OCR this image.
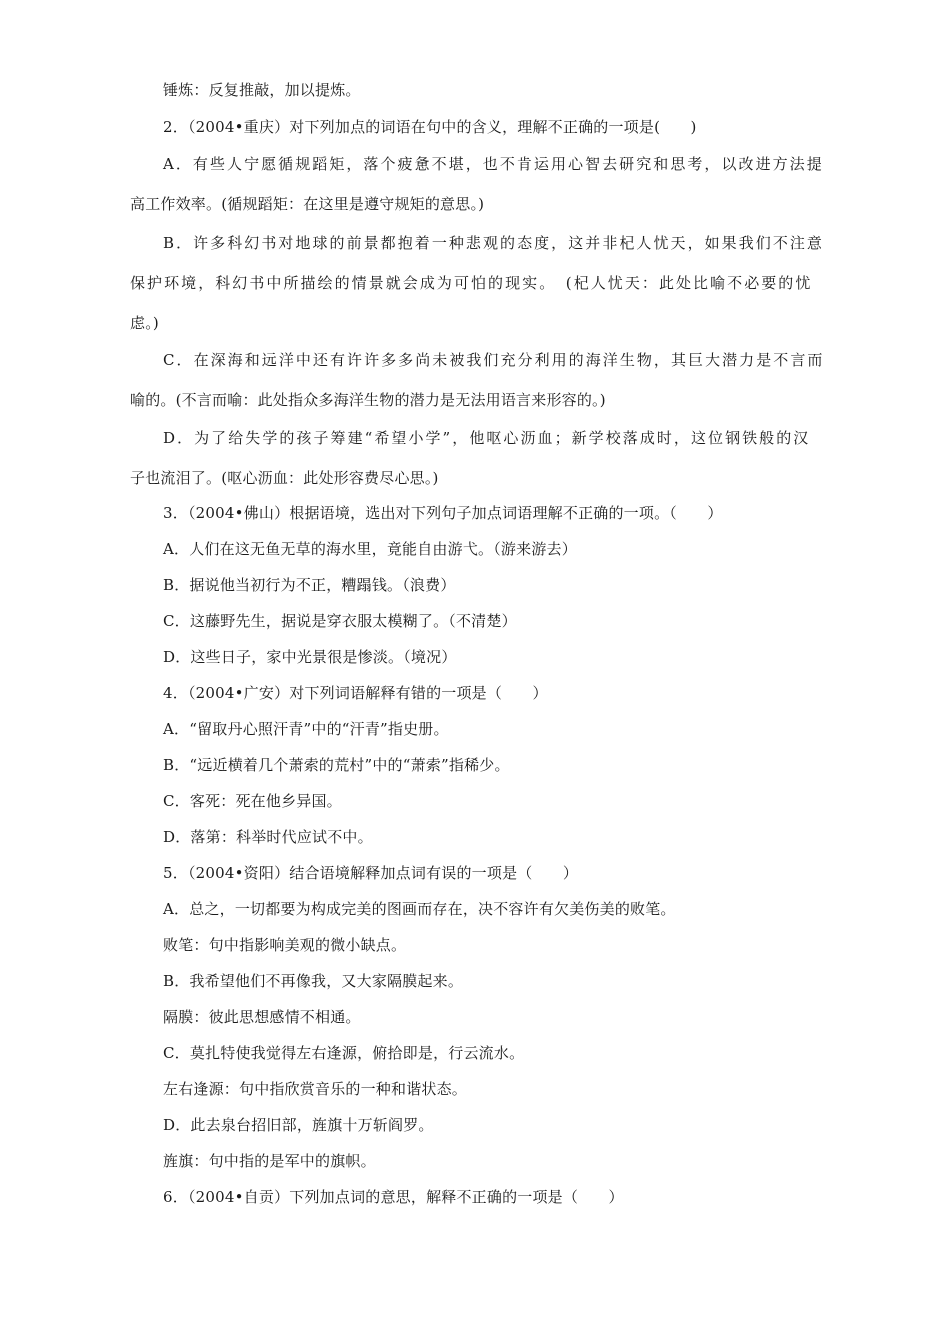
锤炼：反复推敲，加以提炼。
2．（2004•重庆）对下列加点的词语在句中的含义，理解不正确的一项是(　　)
A．有些人宁愿循规蹈矩，落个疲惫不堪，也不肯运用心智去研究和思考，以改进方法提
高工作效率。(循规蹈矩：在这里是遵守规矩的意思。)
B．许多科幻书对地球的前景都抱着一种悲观的态度，这并非杞人忧天，如果我们不注意
保护环境，科幻书中所描绘的情景就会成为可怕的现实。　(杞人忧天：此处比喻不必要的忧
虑。)
C．在深海和远洋中还有许许多多尚未被我们充分利用的海洋生物，其巨大潜力是不言而
喻的。(不言而喻：此处指众多海洋生物的潜力是无法用语言来形容的。)
D．为了给失学的孩子筹建“希望小学”，他呕心沥血；新学校落成时，这位钢铁般的汉
子也流泪了。(呕心沥血：此处形容费尽心思。)
3．（2004•佛山）根据语境，选出对下列句子加点词语理解不正确的一项。（　　）
A．人们在这无鱼无草的海水里，竟能自由游弋。（游来游去）
B．据说他当初行为不正，糟蹋钱。（浪费）
C．这藤野先生，据说是穿衣服太模糊了。（不清楚）
D．这些日子，家中光景很是惨淡。（境况）
4．（2004•广安）对下列词语解释有错的一项是（　　）
A．“留取丹心照汗青”中的“汗青”指史册。
B．“远近横着几个萧索的荒村”中的“萧索”指稀少。
C．客死：死在他乡异国。
D．落第：科举时代应试不中。
5．（2004•资阳）结合语境解释加点词有误的一项是（　　）
A．总之，一切都要为构成完美的图画而存在，决不容许有欠美伤美的败笔。
败笔：句中指影响美观的微小缺点。
B．我希望他们不再像我，又大家隔膜起来。
隔膜：彼此思想感情不相通。
C．莫扎特使我觉得左右逢源，俯拾即是，行云流水。
左右逢源：句中指欣赏音乐的一种和谐状态。
D．此去泉台招旧部，旌旗十万斩阎罗。
旌旗：句中指的是军中的旗帜。
6．（2004•自贡）下列加点词的意思，解释不正确的一项是（　　）
